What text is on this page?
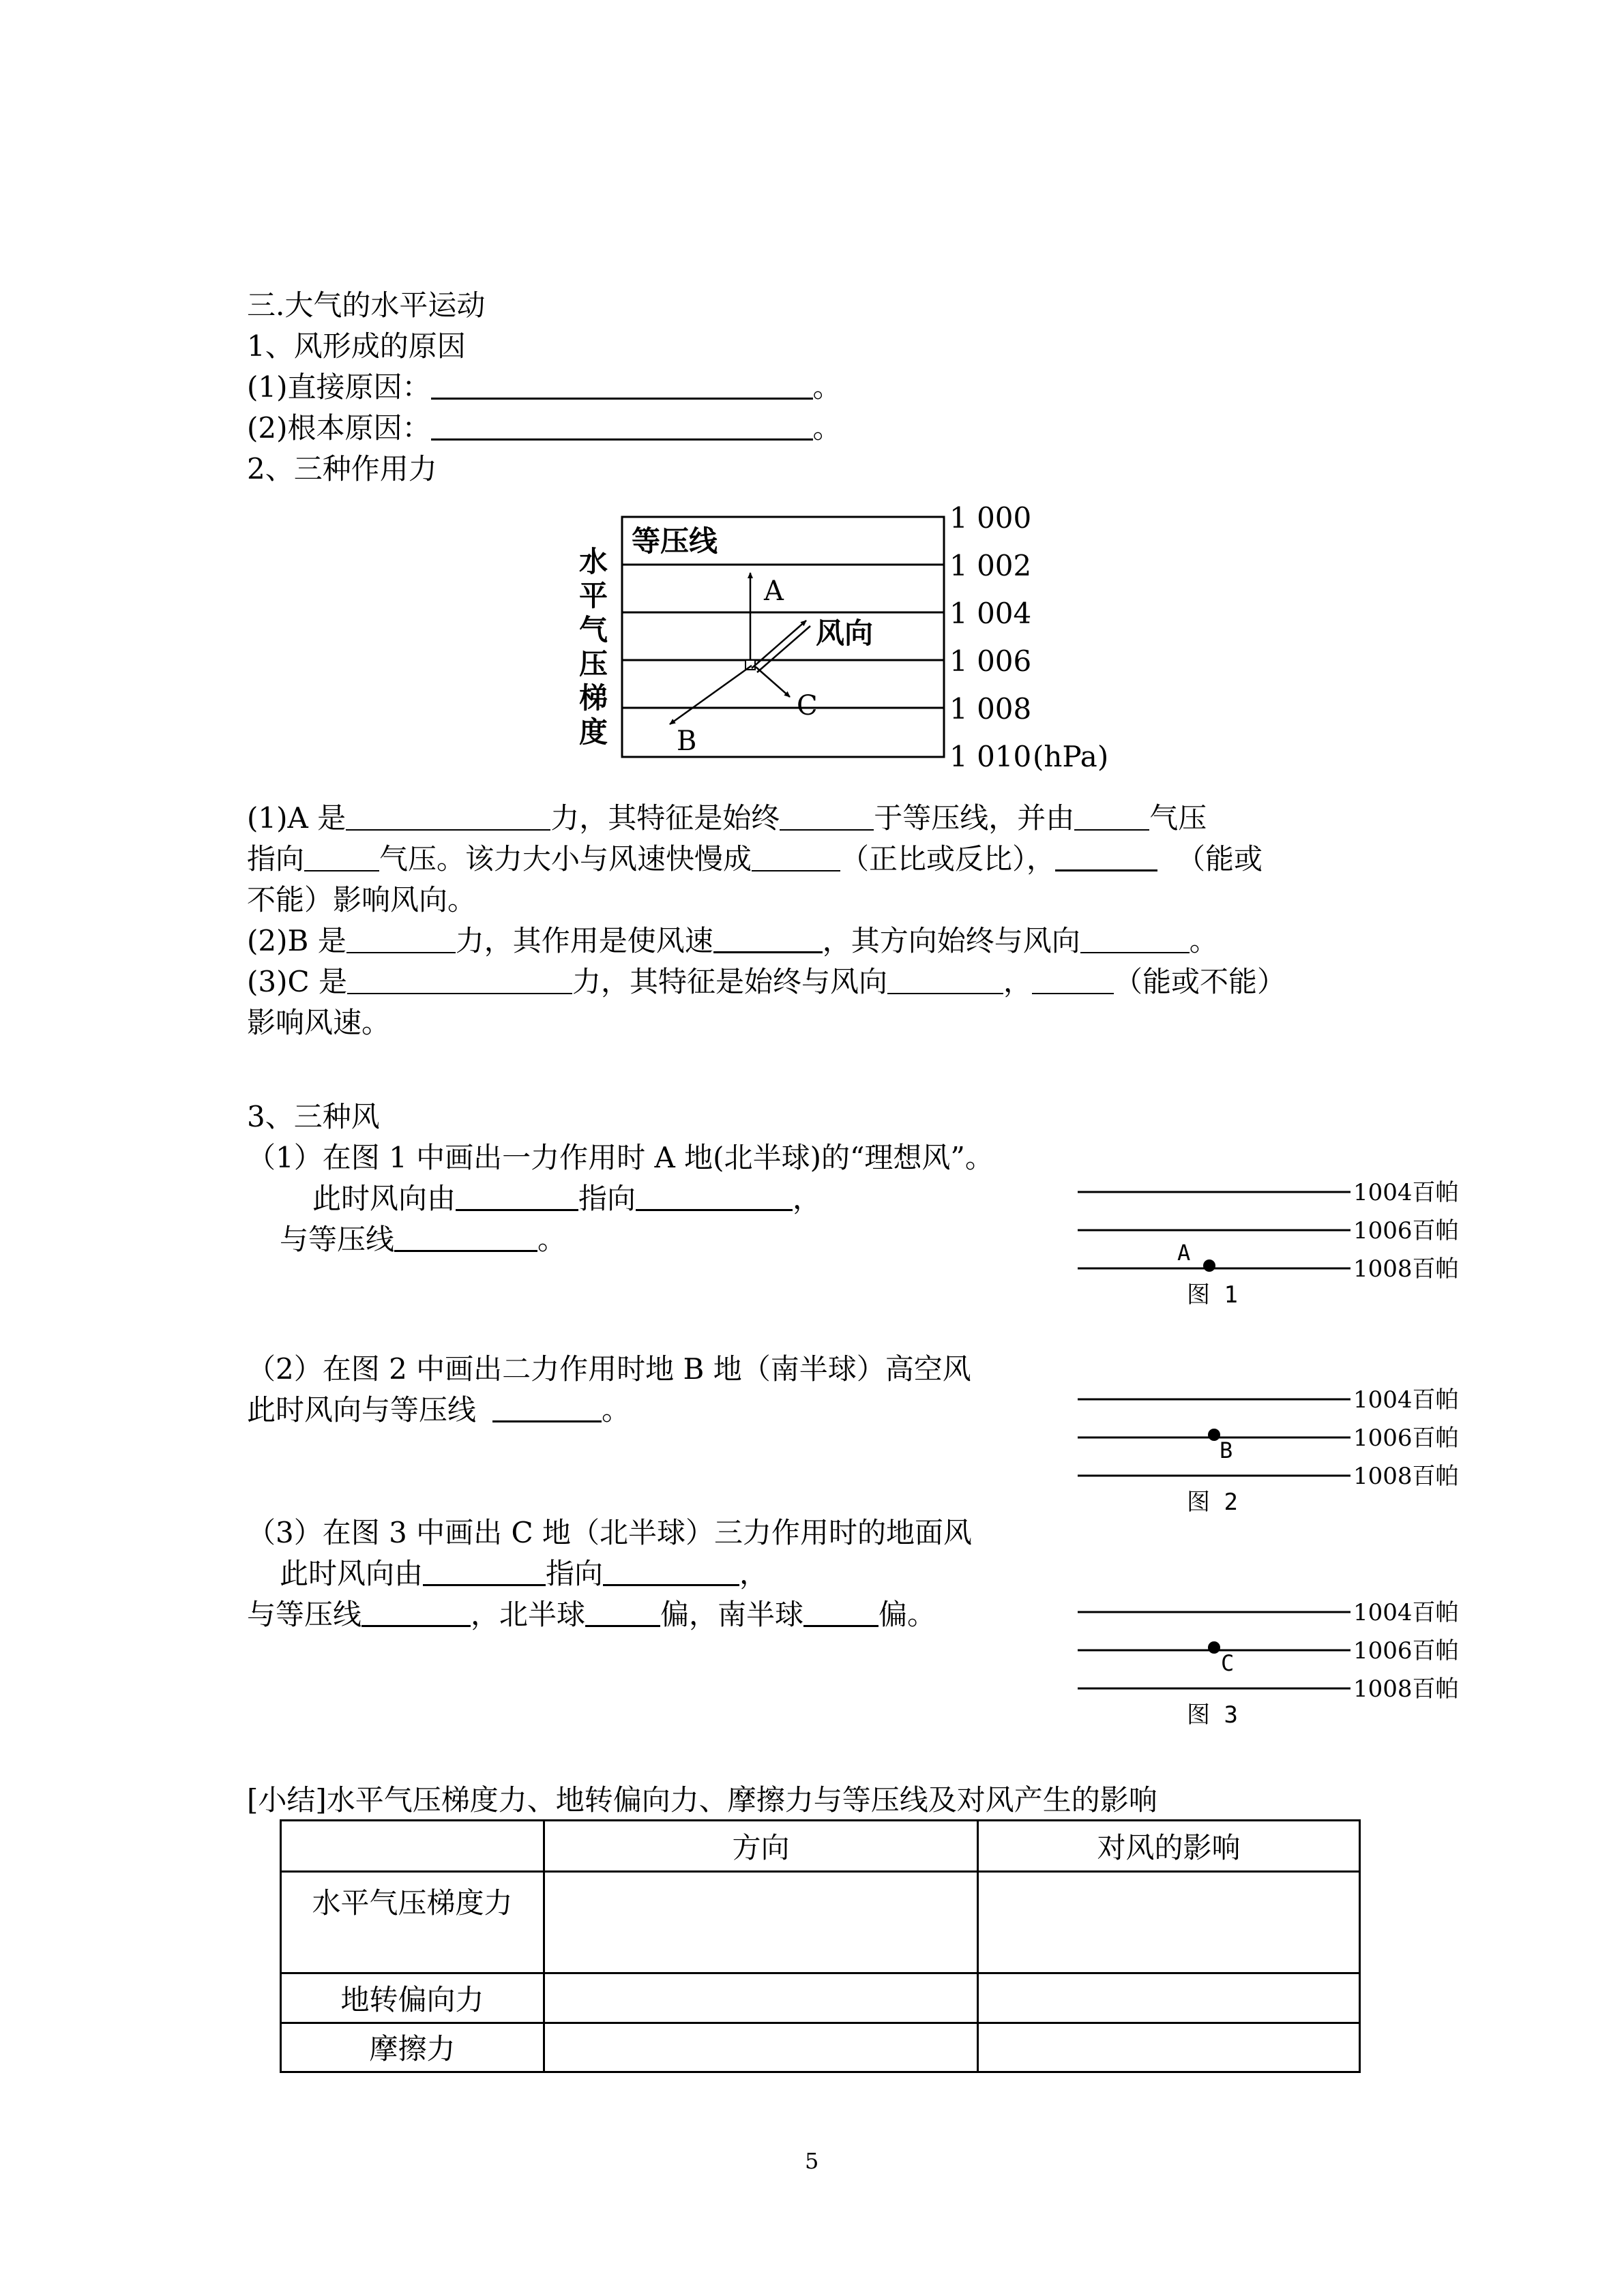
三.大气的水平运动
1、风形成的原因
(1)直接原因：	。
(2)根本原因：	。
2、三种作用力
等压线
水
平
气
压
梯
度
1 000
1 002
1 004
1 006
1 008
1 010 (hPa)
A
风向
B
C
(1)A 是	力，其特征是始终	于等压线，并由	气压
指向	气压。该力大小与风速快慢成	（正比或反比），	（能或
不能）影响风向。
(2)B 是	力，其作用是使风速	，其方向始终与风向	。
(3)C 是	力，其特征是始终与风向	，	（能或不能）
影响风速。
3、三种风
（1）在图 1 中画出一力作用时 A 地(北半球)的“理想风”。
此时风向由	指向	，
与等压线	。
（2）在图 2 中画出二力作用时地 B 地（南半球）高空风
此时风向与等压线	。
（3）在图 3 中画出 C 地（北半球）三力作用时的地面风
此时风向由	指向	，
与等压线	，北半球	偏，南半球	偏。
1004百帕
1006百帕
1008百帕
A
图 1
1004百帕
1006百帕
1008百帕
B
图 2
1004百帕
1006百帕
1008百帕
C
图 3
[小结]水平气压梯度力、地转偏向力、摩擦力与等压线及对风产生的影响
	方向	对风的影响
水平气压梯度力		
地转偏向力		
摩擦力		
5
